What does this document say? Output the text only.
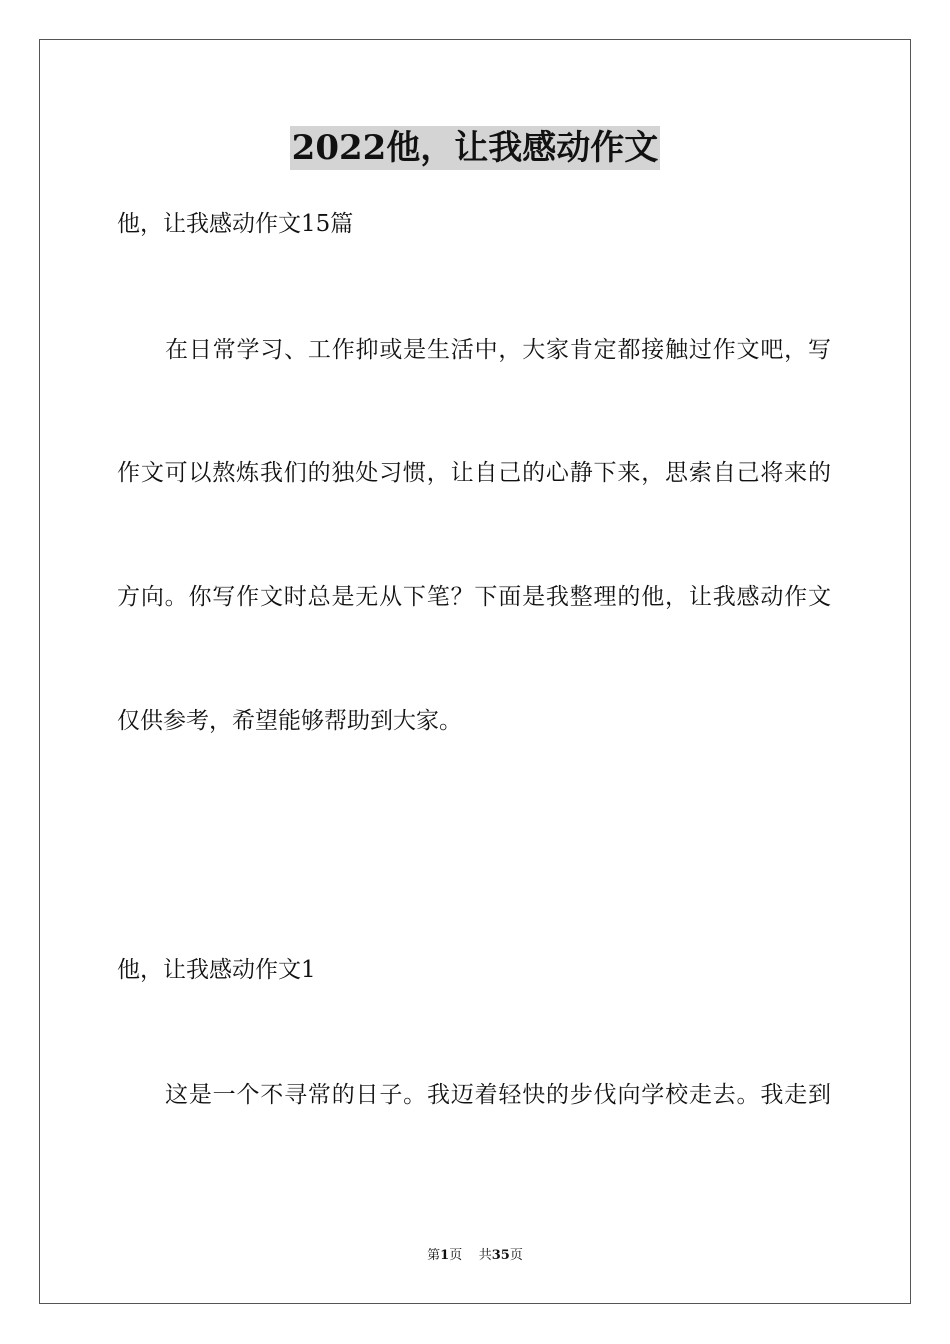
2022他，让我感动作文
他，让我感动作文15篇
在日常学习、工作抑或是生活中，大家肯定都接触过作文吧，写
作文可以熬炼我们的独处习惯，让自己的心静下来，思索自己将来的
方向。你写作文时总是无从下笔？下面是我整理的他，让我感动作文
仅供参考，希望能够帮助到大家。
他，让我感动作文1
这是一个不寻常的日子。我迈着轻快的步伐向学校走去。我走到
第1页 共35页
